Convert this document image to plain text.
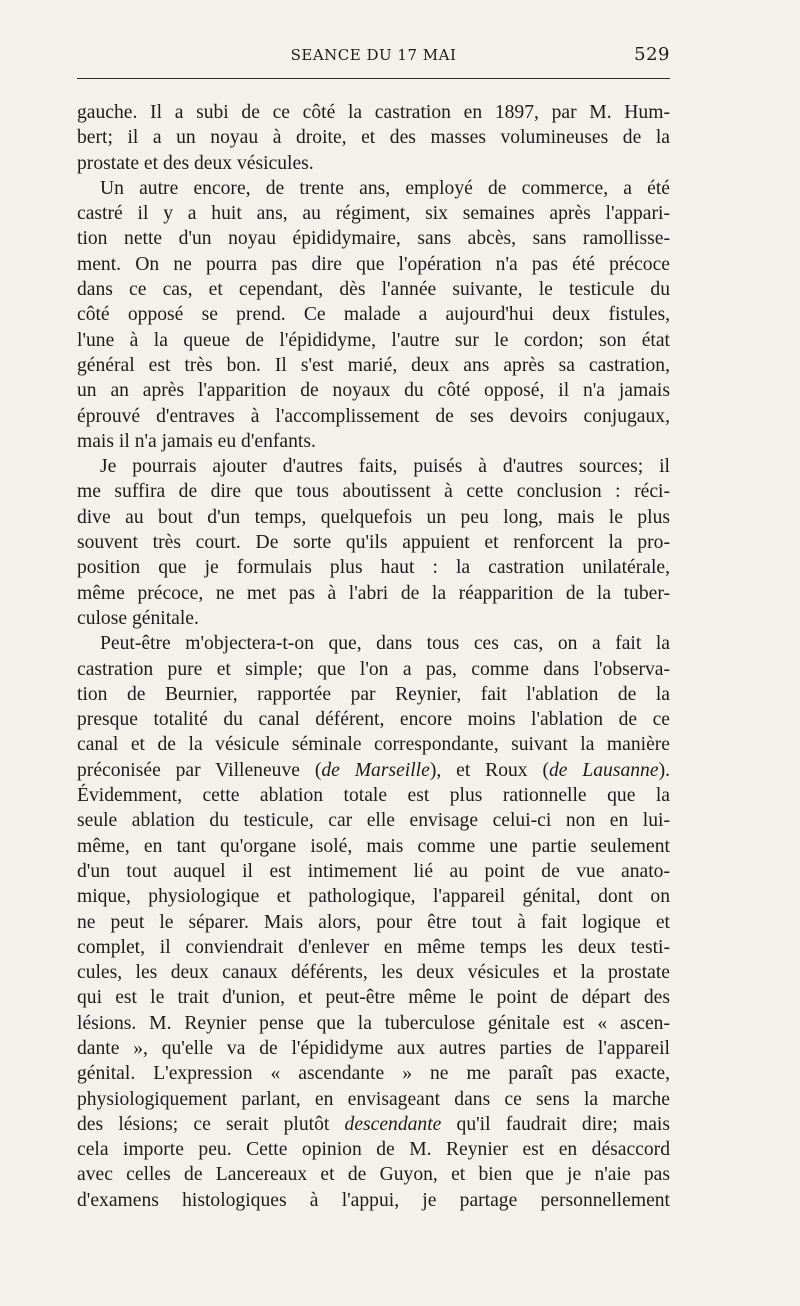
SEANCE DU 17 MAI	529
gauche. Il a subi de ce côté la castration en 1897, par M. Hum-
bert; il a un noyau à droite, et des masses volumineuses de la
prostate et des deux vésicules.
Un autre encore, de trente ans, employé de commerce, a été
castré il y a huit ans, au régiment, six semaines après l'appari-
tion nette d'un noyau épididymaire, sans abcès, sans ramollisse-
ment. On ne pourra pas dire que l'opération n'a pas été précoce
dans ce cas, et cependant, dès l'année suivante, le testicule du
côté opposé se prend. Ce malade a aujourd'hui deux fistules,
l'une à la queue de l'épididyme, l'autre sur le cordon; son état
général est très bon. Il s'est marié, deux ans après sa castration,
un an après l'apparition de noyaux du côté opposé, il n'a jamais
éprouvé d'entraves à l'accomplissement de ses devoirs conjugaux,
mais il n'a jamais eu d'enfants.
Je pourrais ajouter d'autres faits, puisés à d'autres sources; il
me suffira de dire que tous aboutissent à cette conclusion : réci-
dive au bout d'un temps, quelquefois un peu long, mais le plus
souvent très court. De sorte qu'ils appuient et renforcent la pro-
position que je formulais plus haut : la castration unilatérale,
même précoce, ne met pas à l'abri de la réapparition de la tuber-
culose génitale.
Peut-être m'objectera-t-on que, dans tous ces cas, on a fait la
castration pure et simple; que l'on a pas, comme dans l'observa-
tion de Beurnier, rapportée par Reynier, fait l'ablation de la
presque totalité du canal déférent, encore moins l'ablation de ce
canal et de la vésicule séminale correspondante, suivant la manière
préconisée par Villeneuve (de Marseille), et Roux (de Lausanne).
Évidemment, cette ablation totale est plus rationnelle que la
seule ablation du testicule, car elle envisage celui-ci non en lui-
même, en tant qu'organe isolé, mais comme une partie seulement
d'un tout auquel il est intimement lié au point de vue anato-
mique, physiologique et pathologique, l'appareil génital, dont on
ne peut le séparer. Mais alors, pour être tout à fait logique et
complet, il conviendrait d'enlever en même temps les deux testi-
cules, les deux canaux déférents, les deux vésicules et la prostate
qui est le trait d'union, et peut-être même le point de départ des
lésions. M. Reynier pense que la tuberculose génitale est « ascen-
dante », qu'elle va de l'épididyme aux autres parties de l'appareil
génital. L'expression « ascendante » ne me paraît pas exacte,
physiologiquement parlant, en envisageant dans ce sens la marche
des lésions; ce serait plutôt descendante qu'il faudrait dire; mais
cela importe peu. Cette opinion de M. Reynier est en désaccord
avec celles de Lancereaux et de Guyon, et bien que je n'aie pas
d'examens histologiques à l'appui, je partage personnellement
